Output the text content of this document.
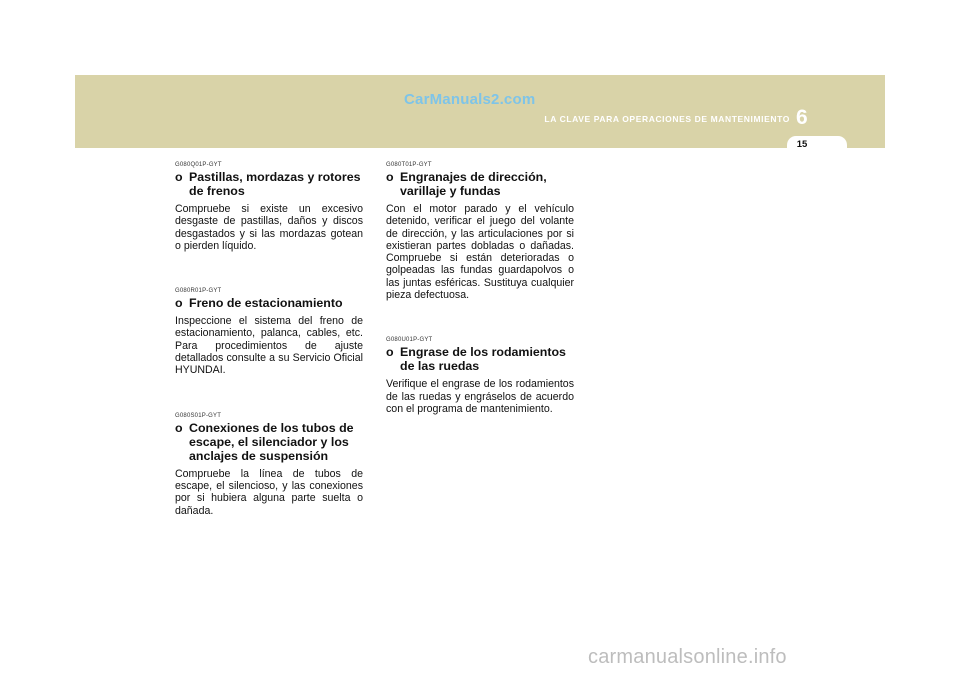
CarManuals2.com
LA CLAVE PARA OPERACIONES DE MANTENIMIENTO 6
15
G080Q01P-GYT
o Pastillas, mordazas y rotores de frenos
Compruebe si existe un excesivo desgaste de pastillas, daños y discos desgastados y si las mordazas gotean o pierden líquido.
G080R01P-GYT
o Freno de estacionamiento
Inspeccione el sistema del freno de estacionamiento, palanca, cables, etc. Para procedimientos de ajuste detallados consulte a su Servicio Oficial HYUNDAI.
G080S01P-GYT
o Conexiones de los tubos de escape, el silenciador y los anclajes de suspensión
Compruebe la línea de tubos de escape, el silencioso, y las conexiones por si hubiera alguna parte suelta o dañada.
G080T01P-GYT
o Engranajes de dirección, varillaje y fundas
Con el motor parado y el vehículo detenido, verificar el juego del volante de dirección, y las articulaciones por si existieran partes dobladas o dañadas. Compruebe si están deterioradas o golpeadas las fundas guardapolvos o las juntas esféricas. Sustituya cualquier pieza defectuosa.
G080U01P-GYT
o Engrase de los rodamientos de las ruedas
Verifique el engrase de los rodamientos de las ruedas y engráselos de acuerdo con el programa de mantenimiento.
carmanualsonline.info
